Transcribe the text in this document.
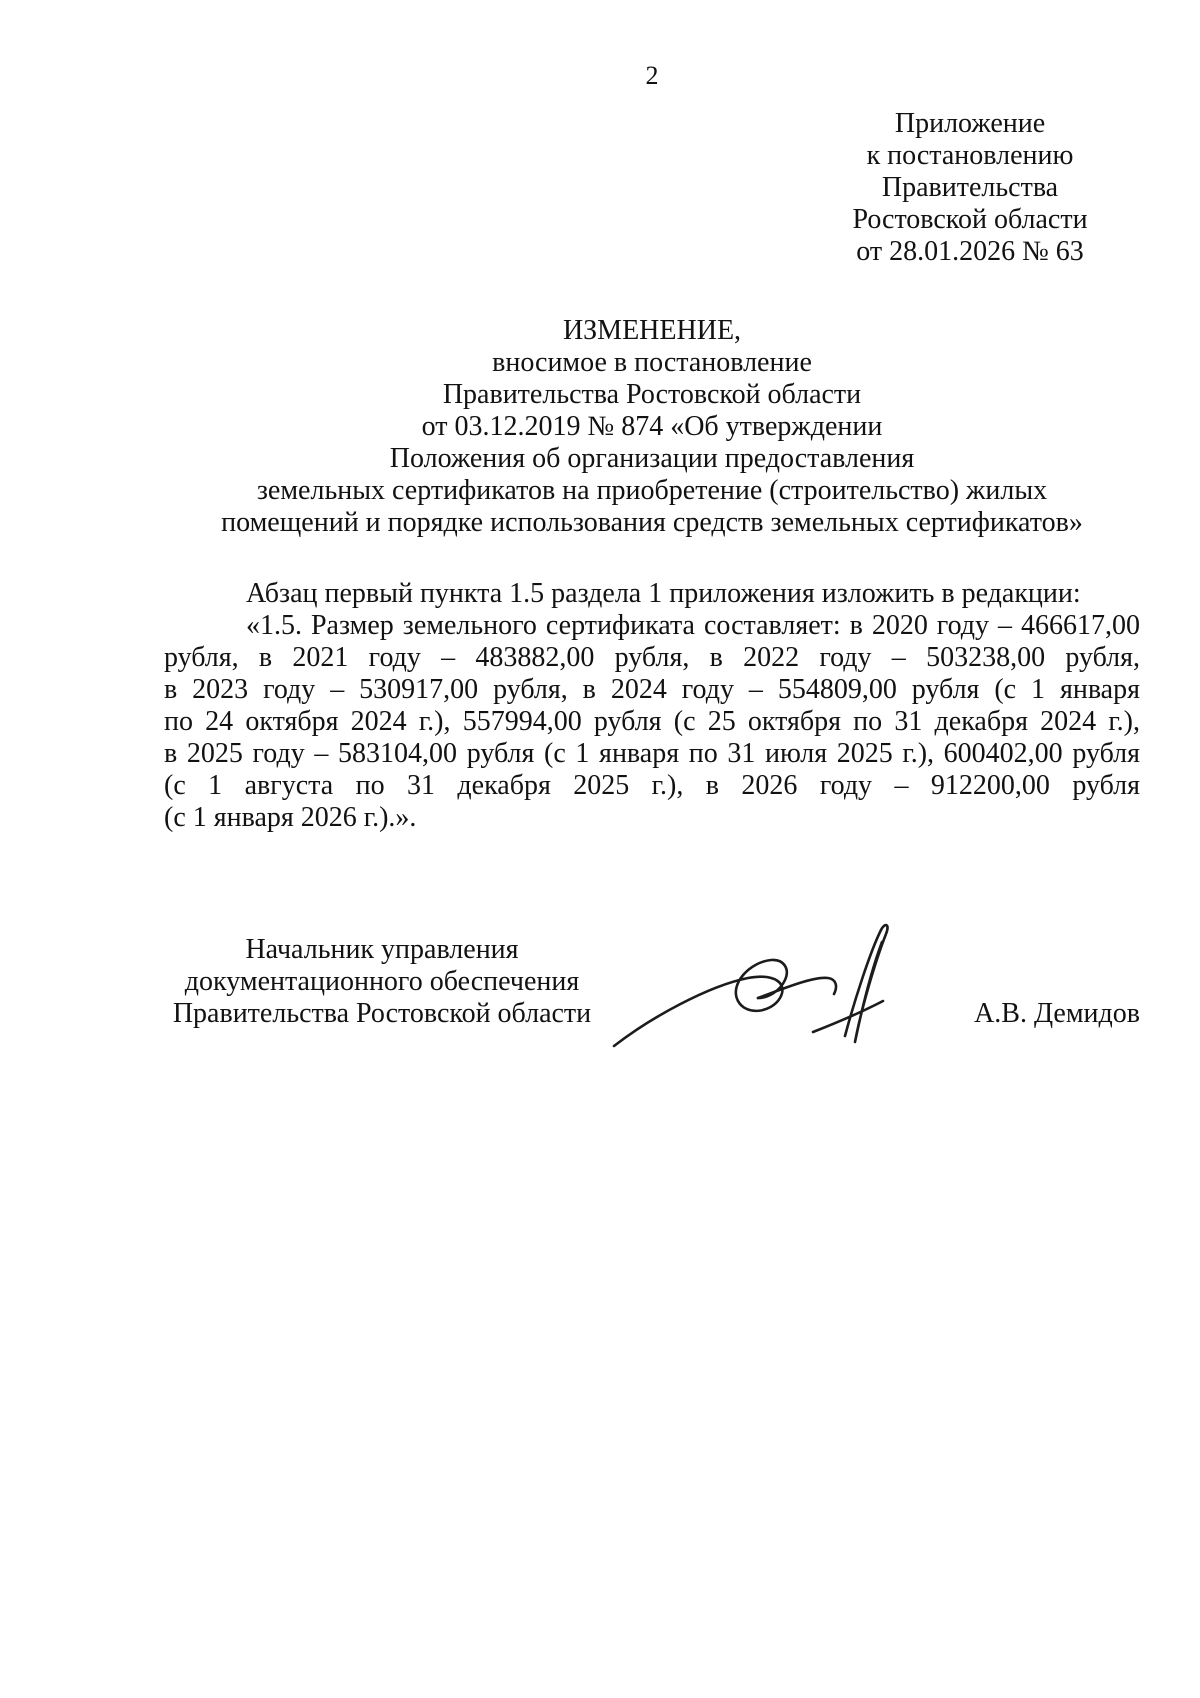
2
Приложение
к постановлению
Правительства
Ростовской области
от 28.01.2026 № 63
ИЗМЕНЕНИЕ,
вносимое в постановление
Правительства Ростовской области
от 03.12.2019 № 874 «Об утверждении
Положения об организации предоставления
земельных сертификатов на приобретение (строительство) жилых
помещений и порядке использования средств земельных сертификатов»
Абзац первый пункта 1.5 раздела 1 приложения изложить в редакции:
«1.5. Размер земельного сертификата составляет: в 2020 году – 466617,00
рубля, в 2021 году – 483882,00 рубля, в 2022 году – 503238,00 рубля,
в 2023 году – 530917,00 рубля, в 2024 году – 554809,00 рубля (с 1 января
по 24 октября 2024 г.), 557994,00 рубля (с 25 октября по 31 декабря 2024 г.),
в 2025 году – 583104,00 рубля (с 1 января по 31 июля 2025 г.), 600402,00 рубля
(с 1 августа по 31 декабря 2025 г.), в 2026 году – 912200,00 рубля
(с 1 января 2026 г.).».
Начальник управления
документационного обеспечения
Правительства Ростовской области	А.В. Демидов
